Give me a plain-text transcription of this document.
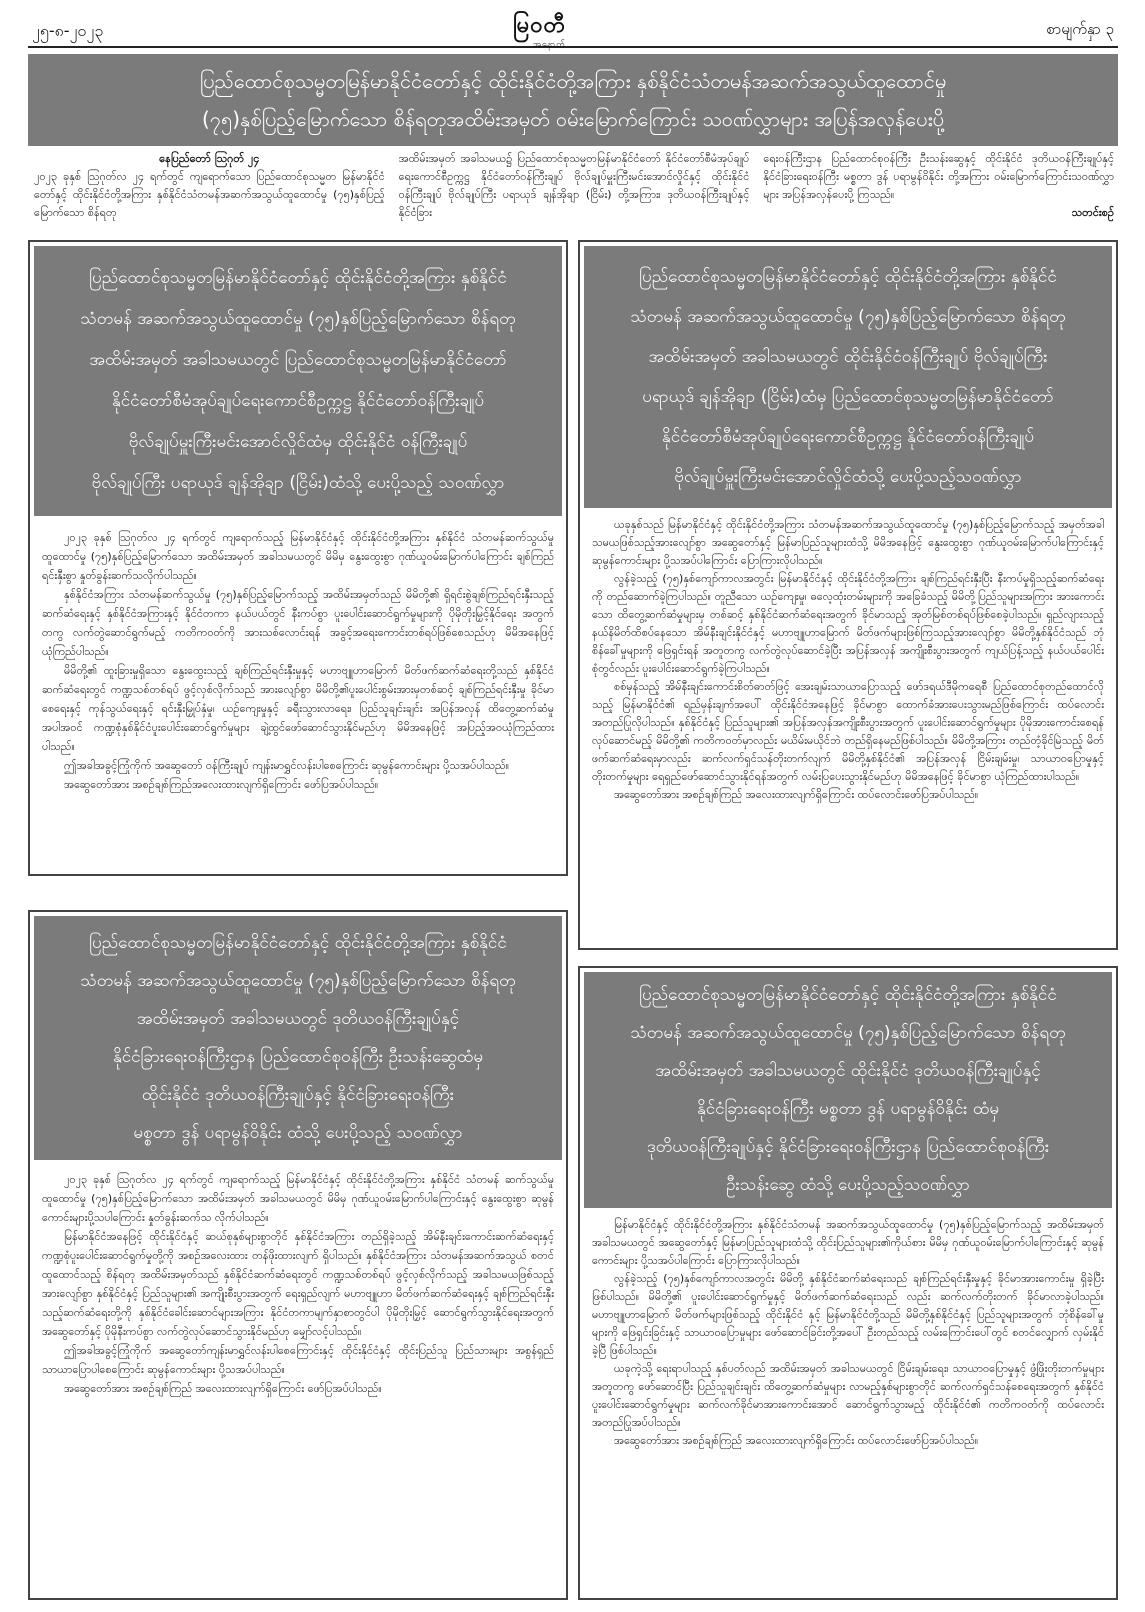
၂၅-၈-၂၀၂၃	မြဝတီ
အနောက်
စာမျက်နှာ ၃
ပြည်ထောင်စုသမ္မတမြန်မာနိုင်ငံတော်နှင့် ထိုင်းနိုင်ငံတို့အကြား နှစ်နိုင်ငံသံတမန်အဆက်အသွယ်ထူထောင်မှု
(၇၅)နှစ်ပြည့်မြောက်သော စိန်ရတုအထိမ်းအမှတ် ဝမ်းမြောက်ကြောင်း သဝဏ်လွှာများ အပြန်အလှန်ပေးပို့
နေပြည်တော် ဩဂုတ် ၂၄
၂၀၂၃ ခုနှစ် ဩဂုတ်လ ၂၄ ရက်တွင် ကျရောက်သော ပြည်ထောင်စုသမ္မတ မြန်မာနိုင်ငံတော်နှင့် ထိုင်းနိုင်ငံတို့အကြား နှစ်နိုင်ငံသံတမန်အဆက်အသွယ်ထူထောင်မှု (၇၅)နှစ်ပြည့်မြောက်သော စိန်ရတု
အထိမ်းအမှတ် အခါသမယ၌ ပြည်ထောင်စုသမ္မတမြန်မာနိုင်ငံတော် နိုင်ငံတော်စီမံအုပ်ချုပ်ရေးကောင်စီဥက္ကဋ္ဌ နိုင်ငံတော်ဝန်ကြီးချုပ် ဗိုလ်ချုပ်မှူးကြီးမင်းအောင်လှိုင်နှင့် ထိုင်းနိုင်ငံဝန်ကြီးချုပ် ဗိုလ်ချုပ်ကြီး ပရာယုဒ် ချန်အိုချာ (ငြိမ်း) တို့အကြား၊ ဒုတိယဝန်ကြီးချုပ်နှင့် နိုင်ငံခြား
ရေးဝန်ကြီးဌာန ပြည်ထောင်စုဝန်ကြီး ဦးသန်းဆွေနှင့် ထိုင်းနိုင်ငံ ဒုတိယဝန်ကြီးချုပ်နှင့် နိုင်ငံခြားရေးဝန်ကြီး မစ္စတာ ဒွန် ပရာမွန်ဝိနိုင်း တို့အကြား ဝမ်းမြောက်ကြောင်းသဝဏ်လွှာများ အပြန်အလှန်ပေးပို့ ကြသည်။
သတင်းစဉ်
ပြည်ထောင်စုသမ္မတမြန်မာနိုင်ငံတော်နှင့် ထိုင်းနိုင်ငံတို့အကြား နှစ်နိုင်ငံ
သံတမန် အဆက်အသွယ်ထူထောင်မှု (၇၅)နှစ်ပြည့်မြောက်သော စိန်ရတု
အထိမ်းအမှတ် အခါသမယတွင် ပြည်ထောင်စုသမ္မတမြန်မာနိုင်ငံတော်
နိုင်ငံတော်စီမံအုပ်ချုပ်ရေးကောင်စီဥက္ကဋ္ဌ နိုင်ငံတော်ဝန်ကြီးချုပ်
ဗိုလ်ချုပ်မှူးကြီးမင်းအောင်လှိုင်ထံမှ ထိုင်းနိုင်ငံ ဝန်ကြီးချုပ်
ဗိုလ်ချုပ်ကြီး ပရာယုဒ် ချန်အိုချာ (ငြိမ်း)ထံသို့ ပေးပို့သည့် သဝဏ်လွှာ

၂၀၂၃ ခုနှစ် ဩဂုတ်လ ၂၄ ရက်တွင် ကျရောက်သည့် မြန်မာနိုင်ငံနှင့် ထိုင်းနိုင်ငံတို့အကြား နှစ်နိုင်ငံ သံတမန်ဆက်သွယ်မှုထူထောင်မှု (၇၅)နှစ်ပြည့်မြောက်သော အထိမ်းအမှတ် အခါသမယတွင် မိမိမှ နွေးထွေးစွာ ဂုဏ်ယူဝမ်းမြောက်ပါကြောင်း ချစ်ကြည်ရင်းနှီးစွာ နှုတ်ခွန်းဆက်သလိုက်ပါသည်။

နှစ်နိုင်ငံအကြား သံတမန်ဆက်သွယ်မှု (၇၅)နှစ်ပြည့်မြောက်သည့် အထိမ်းအမှတ်သည် မိမိတို့၏ ရှိရင်းစွဲချစ်ကြည်ရင်းနှီးသည့် ဆက်ဆံရေးနှင့် နှစ်နိုင်ငံအကြားနှင့် နိုင်ငံတကာ နယ်ပယ်တွင် နီးကပ်စွာ ပူးပေါင်းဆောင်ရွက်မှုများကို ပိုမိုတိုးမြှင့်နိုင်ရေး အတွက်တကွ လက်တွဲဆောင်ရွက်မည့် ကတိကဝတ်ကို အားသစ်လောင်းရန် အခွင့်အရေးကောင်းတစ်ရပ်ဖြစ်စေသည်ဟု မိမိအနေဖြင့် ယုံကြည်ပါသည်။

မိမိတို့၏ ထူးခြားမှုရှိသော နွေးထွေးသည့် ချစ်ကြည်ရင်းနှီးမှုနှင့် မဟာဗျူဟာမြောက် မိတ်ဖက်ဆက်ဆံရေးတို့သည် နှစ်နိုင်ငံဆက်ဆံရေးတွင် ကဏ္ဍသစ်တစ်ရပ် ဖွင့်လှစ်လိုက်သည် အားလျော်စွာ မိမိတို့၏ပူးပေါင်းစွမ်းအားမှတစ်ဆင့် ချစ်ကြည်ရင်းနှီးမှု ခိုင်မာစေရေးနှင့် ကုန်သွယ်ရေးနှင့် ရင်းနှီးမြှုပ်နှံမှု၊ ယဉ်ကျေးမှုနှင့် ခရီးသွားလာရေး၊ ပြည်သူချင်းချင်း အပြန်အလှန် ထိတွေ့ဆက်ဆံမှု အပါအဝင် ကဏ္ဍစုံနှစ်နိုင်ငံပူးပေါင်းဆောင်ရွက်မှုများ ချဲ့ထွင်ဖော်ဆောင်သွားနိုင်မည်ဟု မိမိအနေဖြင့် အပြည့်အဝယုံကြည်ထားပါသည်။

ဤအခါအခွင့်ကြုံကိုက် အဆွေတော် ဝန်ကြီးချုပ် ကျန်းမာရွှင်လန်းပါစေကြောင်း ဆုမွန်ကောင်းများ ပို့သအပ်ပါသည်။

အဆွေတော်အား အစဉ်ချစ်ကြည်အလေးထားလျက်ရှိကြောင်း ဖော်ပြအပ်ပါသည်။

ပြည်ထောင်စုသမ္မတမြန်မာနိုင်ငံတော်နှင့် ထိုင်းနိုင်ငံတို့အကြား နှစ်နိုင်ငံ
သံတမန် အဆက်အသွယ်ထူထောင်မှု (၇၅)နှစ်ပြည့်မြောက်သော စိန်ရတု
အထိမ်းအမှတ် အခါသမယတွင် ထိုင်းနိုင်ငံဝန်ကြီးချုပ် ဗိုလ်ချုပ်ကြီး
ပရာယုဒ် ချန်အိုချာ (ငြိမ်း)ထံမှ ပြည်ထောင်စုသမ္မတမြန်မာနိုင်ငံတော်
နိုင်ငံတော်စီမံအုပ်ချုပ်ရေးကောင်စီဥက္ကဋ္ဌ နိုင်ငံတော်ဝန်ကြီးချုပ်
ဗိုလ်ချုပ်မှူးကြီးမင်းအောင်လှိုင်ထံသို့ ပေးပို့သည့်သဝဏ်လွှာ

ယခုနှစ်သည် မြန်မာနိုင်ငံနှင့် ထိုင်းနိုင်ငံတို့အကြား သံတမန်အဆက်အသွယ်ထူထောင်မှု (၇၅)နှစ်ပြည့်မြောက်သည့် အမှတ်အခါသမယဖြစ်သည့်အားလျော်စွာ အဆွေတော်နှင့် မြန်မာပြည်သူများထံသို့ မိမိအနေဖြင့် နွေးထွေးစွာ ဂုဏ်ယူဝမ်းမြောက်ပါကြောင်းနှင့် ဆုမွန်ကောင်းများ ပို့သအပ်ပါကြောင်း ပြောကြားလိုပါသည်။

လွန်ခဲ့သည့် (၇၅)နှစ်ကျော်ကာလအတွင်း မြန်မာနိုင်ငံနှင့် ထိုင်းနိုင်ငံတို့အကြား ချစ်ကြည်ရင်းနှီးပြီး နီးကပ်မှုရှိသည့်ဆက်ဆံရေးကို တည်ဆောက်ခဲ့ကြပါသည်။ တူညီသော ယဉ်ကျေးမှု၊ ဓလေ့ထုံးတမ်းများကို အခြေခံသည့် မိမိတို့ပြည်သူများအကြား အားကောင်းသော ထိတွေ့ဆက်ဆံမှုများမှ တစ်ဆင့် နှစ်နိုင်ငံဆက်ဆံရေးအတွက် ခိုင်မာသည့် အုတ်မြစ်တစ်ရပ်ဖြစ်စေခဲ့ပါသည်။ ရှည်လျားသည့် နယ်နိမိတ်ထိစပ်နေသော အိမ်နီးချင်းနိုင်ငံနှင့် မဟာဗျူဟာမြောက် မိတ်ဖက်များဖြစ်ကြသည့်အားလျော်စွာ မိမိတို့နှစ်နိုင်ငံသည် ဘုံစိန်ခေါ်မှုများကို ဖြေရှင်းရန် အတူတကွ လက်တွဲလုပ်ဆောင်ခဲ့ပြီး အပြန်အလှန် အကျိုးစီးပွားအတွက် ကျယ်ပြန့်သည့် နယ်ပယ်ပေါင်းစုံတွင်လည်း ပူးပေါင်းဆောင်ရွက်ခဲ့ကြပါသည်။

စစ်မှန်သည့် အိမ်နီးချင်းကောင်းစိတ်ဓာတ်ဖြင့် အေးချမ်းသာယာပြောသည့် ဖော်ဒရယ်ဒီမိုကရေစီ ပြည်ထောင်စုတည်ထောင်လိုသည့် မြန်မာနိုင်ငံ၏ ရည်မှန်းချက်အပေါ် ထိုင်းနိုင်ငံအနေဖြင့် ခိုင်မာစွာ ထောက်ခံအားပေးသွားမည်ဖြစ်ကြောင်း ထပ်လောင်းအတည်ပြုလိုပါသည်။ နှစ်နိုင်ငံနှင့် ပြည်သူများ၏ အပြန်အလှန်အကျိုးစီးပွားအတွက် ပူးပေါင်းဆောင်ရွက်မှုများ ပိုမိုအားကောင်းစေရန် လုပ်ဆောင်မည့် မိမိတို့၏ ကတိကဝတ်မှာလည်း မယိမ်းမယိုင်ဘဲ တည်ရှိနေမည်ဖြစ်ပါသည်။ မိမိတို့အကြား တည်တံ့ခိုင်မြဲသည့် မိတ်ဖက်ဆက်ဆံရေးမှာလည်း ဆက်လက်ရှင်သန်တိုးတက်လျက် မိမိတို့နှစ်နိုင်ငံ၏ အပြန်အလှန် ငြိမ်းချမ်းမှု၊ သာယာဝပြောမှုနှင့် တိုးတက်မှုများ ရေရှည်ဖော်ဆောင်သွားနိုင်ရန်အတွက် လမ်းပြပေးသွားနိုင်မည်ဟု မိမိအနေဖြင့် ခိုင်မာစွာ ယုံကြည်ထားပါသည်။

အဆွေတော်အား အစဉ်ချစ်ကြည် အလေးထားလျက်ရှိကြောင်း ထပ်လောင်းဖော်ပြအပ်ပါသည်။

ပြည်ထောင်စုသမ္မတမြန်မာနိုင်ငံတော်နှင့် ထိုင်းနိုင်ငံတို့အကြား နှစ်နိုင်ငံ
သံတမန် အဆက်အသွယ်ထူထောင်မှု (၇၅)နှစ်ပြည့်မြောက်သော စိန်ရတု
အထိမ်းအမှတ် အခါသမယတွင် ဒုတိယဝန်ကြီးချုပ်နှင့်
နိုင်ငံခြားရေးဝန်ကြီးဌာန ပြည်ထောင်စုဝန်ကြီး ဦးသန်းဆွေထံမှ
ထိုင်းနိုင်ငံ ဒုတိယဝန်ကြီးချုပ်နှင့် နိုင်ငံခြားရေးဝန်ကြီး
မစ္စတာ ဒွန် ပရာမွန်ဝိနိုင်း ထံသို့ ပေးပို့သည့် သဝဏ်လွှာ

၂၀၂၃ ခုနှစ် ဩဂုတ်လ ၂၄ ရက်တွင် ကျရောက်သည့် မြန်မာနိုင်ငံနှင့် ထိုင်းနိုင်ငံတို့အကြား နှစ်နိုင်ငံ သံတမန် ဆက်သွယ်မှုထူထောင်မှု (၇၅)နှစ်ပြည့်မြောက်သော အထိမ်းအမှတ် အခါသမယတွင် မိမိမှ ဂုဏ်ယူဝမ်းမြောက်ပါကြောင်းနှင့် နွေးထွေးစွာ ဆုမွန်ကောင်းများပို့သပါကြောင်း နှုတ်ခွန်းဆက်သ လိုက်ပါသည်။

မြန်မာနိုင်ငံအနေဖြင့် ထိုင်းနိုင်ငံနှင့် ဆယ်စုနှစ်များစွာတိုင် နှစ်နိုင်ငံအကြား တည်ရှိခဲ့သည့် အိမ်နီးချင်းကောင်းဆက်ဆံရေးနှင့် ကဏ္ဍစုံပူးပေါင်းဆောင်ရွက်မှုတို့ကို အစဉ်အလေးထား တန်ဖိုးထားလျက် ရှိပါသည်။ နှစ်နိုင်ငံအကြား သံတမန်အဆက်အသွယ် စတင်ထူထောင်သည့် စိန်ရတု အထိမ်းအမှတ်သည် နှစ်နိုင်ငံဆက်ဆံရေးတွင် ကဏ္ဍသစ်တစ်ရပ် ဖွင့်လှစ်လိုက်သည့် အခါသမယဖြစ်သည့်အားလျော်စွာ နှစ်နိုင်ငံနှင့် ပြည်သူများ၏ အကျိုးစီးပွားအတွက် ရေးရှည်လျက် မဟာဗျူဟာ မိတ်ဖက်ဆက်ဆံရေးနှင့် ချစ်ကြည်ရင်းနှီးသည့်ဆက်ဆံရေးတို့ကို နှစ်နိုင်ငံခေါင်းဆောင်များအကြား နိုင်ငံတကာမျက်နှာစာတွင်ပါ ပိုမိုတိုးမြှင့် ဆောင်ရွက်သွားနိုင်ရေးအတွက် အဆွေတော်နှင့် ပိုမိုနီးကပ်စွာ လက်တွဲလုပ်ဆောင်သွားနိုင်မည်ဟု မျှော်လင့်ပါသည်။

ဤအခါအခွင့်ကြုံကိုက် အဆွေတော်ကျန်းမာရွှင်လန်းပါစေကြောင်းနှင့် ထိုင်းနိုင်ငံနှင့် ထိုင်းပြည်သူ ပြည်သားများ အစွန်ရှည်သာယာပြောပါစေကြောင်း ဆုမွန်ကောင်းများ ပို့သအပ်ပါသည်။

အဆွေတော်အား အစဉ်ချစ်ကြည် အလေးထားလျက်ရှိကြောင်း ဖော်ပြအပ်ပါသည်။

ပြည်ထောင်စုသမ္မတမြန်မာနိုင်ငံတော်နှင့် ထိုင်းနိုင်ငံတို့အကြား နှစ်နိုင်ငံ
သံတမန် အဆက်အသွယ်ထူထောင်မှု (၇၅)နှစ်ပြည့်မြောက်သော စိန်ရတု
အထိမ်းအမှတ် အခါသမယတွင် ထိုင်းနိုင်ငံ ဒုတိယဝန်ကြီးချုပ်နှင့်
နိုင်ငံခြားရေးဝန်ကြီး မစ္စတာ ဒွန် ပရာမွန်ဝိနိုင်း ထံမှ
ဒုတိယဝန်ကြီးချုပ်နှင့် နိုင်ငံခြားရေးဝန်ကြီးဌာန ပြည်ထောင်စုဝန်ကြီး
ဦးသန်းဆွေ ထံသို့ ပေးပို့သည့်သဝဏ်လွှာ

မြန်မာနိုင်ငံနှင့် ထိုင်းနိုင်ငံတို့အကြား နှစ်နိုင်ငံသံတမန် အဆက်အသွယ်ထူထောင်မှု (၇၅)နှစ်ပြည့်မြောက်သည့် အထိမ်းအမှတ်အခါသမယတွင် အဆွေတော်နှင့် မြန်မာပြည်သူများထံသို့ ထိုင်းပြည်သူများ၏ကိုယ်စား မိမိမှ ဂုဏ်ယူဝမ်းမြောက်ပါကြောင်းနှင့် ဆုမွန်ကောင်းများ ပို့သအပ်ပါကြောင်း ပြောကြားလိုပါသည်။

လွန်ခဲ့သည့် (၇၅)နှစ်ကျော်ကာလအတွင်း မိမိတို့ နှစ်နိုင်ငံဆက်ဆံရေးသည် ချစ်ကြည်ရင်းနှီးမှုနှင့် ခိုင်မာအားကောင်းမှု ရှိခဲ့ပြီးဖြစ်ပါသည်။ မိမိတို့၏ ပူးပေါင်းဆောင်ရွက်မှုနှင့် မိတ်ဖက်ဆက်ဆံရေးသည် လည်း ဆက်လက်တိုးတက် ခိုင်မာလာခဲ့ပါသည်။ မဟာဗျူဟာမြောက် မိတ်ဖက်များဖြစ်သည့် ထိုင်းနိုင်ငံ နှင့် မြန်မာနိုင်ငံတို့သည် မိမိတို့နှစ်နိုင်ငံနှင့် ပြည်သူများအတွက် ဘုံစိန်ခေါ်မှုများကို ဖြေရှင်းခြင်းနှင့် သာယာဝပြောမှုများ ဖော်ဆောင်ခြင်းတို့အပေါ် ဦးတည်သည့် လမ်းကြောင်းပေါ်တွင် စတင်လျှောက် လှမ်းနိုင်ခဲ့ပြီ ဖြစ်ပါသည်။

ယခုကဲ့သို့ ရေးရာပါသည့် နှစ်ပတ်လည် အထိမ်းအမှတ် အခါသမယတွင် ငြိမ်းချမ်းရေး၊ သာယာဝပြောမှုနှင့် ဖွံ့ဖြိုးတိုးတက်မှုများ အတူတကွ ဖော်ဆောင်ပြီး ပြည်သူချင်းချင်း ထိတွေ့ဆက်ဆံမှုများ လာမည့်နှစ်များစွာတိုင် ဆက်လက်ရှင်သန်စေရေးအတွက် နှစ်နိုင်ငံ ပူးပေါင်းဆောင်ရွက်မှုများ ဆက်လက်ခိုင်မာအားကောင်းအောင် ဆောင်ရွက်သွားမည့် ထိုင်းနိုင်ငံ၏ ကတိကဝတ်ကို ထပ်လောင်း အတည်ပြုအပ်ပါသည်။

အဆွေတော်အား အစဉ်ချစ်ကြည် အလေးထားလျက်ရှိကြောင်း ထပ်လောင်းဖော်ပြအပ်ပါသည်။
